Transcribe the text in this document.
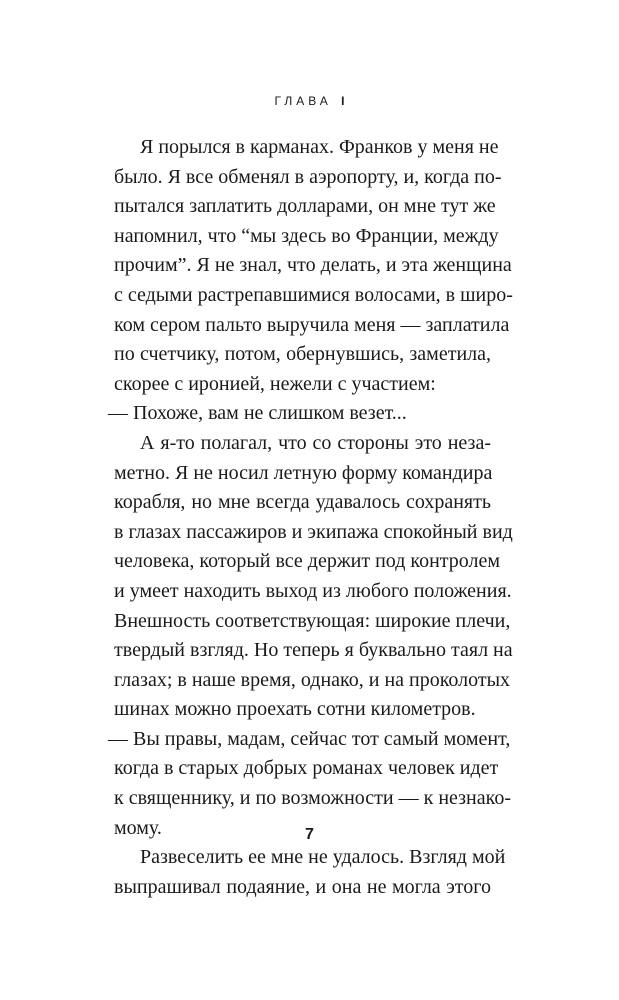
ГЛАВА I
Я порылся в карманах. Франков у меня не
было. Я все обменял в аэропорту, и, когда по-
пытался заплатить долларами, он мне тут же
напомнил, что “мы здесь во Франции, между
прочим”. Я не знал, что делать, и эта женщина
с седыми растрепавшимися волосами, в широ-
ком сером пальто выручила меня — заплатила
по счетчику, потом, обернувшись, заметила,
скорее с иронией, нежели с участием:
— Похоже, вам не слишком везет...
А я-то полагал, что со стороны это неза-
метно. Я не носил летную форму командира
корабля, но мне всегда удавалось сохранять
в глазах пассажиров и экипажа спокойный вид
человека, который все держит под контролем
и умеет находить выход из любого положения.
Внешность соответствующая: широкие плечи,
твердый взгляд. Но теперь я буквально таял на
глазах; в наше время, однако, и на проколотых
шинах можно проехать сотни километров.
— Вы правы, мадам, сейчас тот самый момент,
когда в старых добрых романах человек идет
к священнику, и по возможности — к незнако-
мому.
Развеселить ее мне не удалось. Взгляд мой
выпрашивал подаяние, и она не могла этого
7
